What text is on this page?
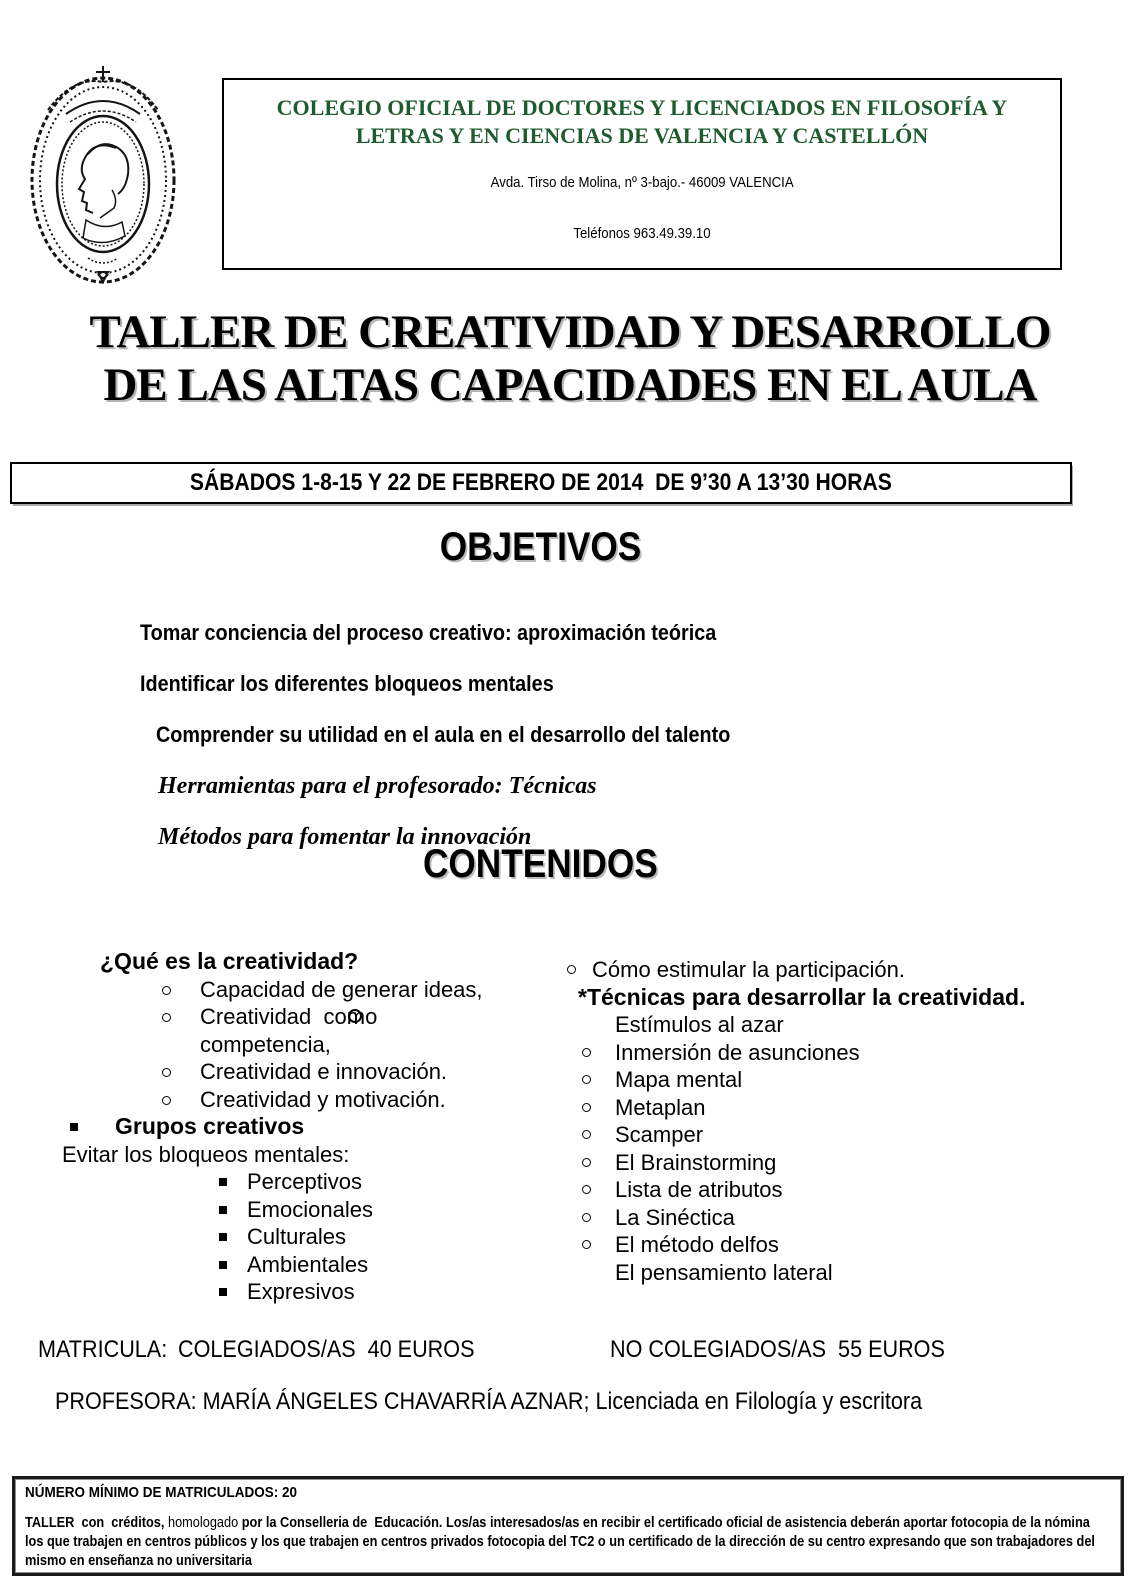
COLEGIO OFICIAL DE DOCTORES Y LICENCIADOS EN FILOSOFÍA Y
LETRAS Y EN CIENCIAS DE VALENCIA Y CASTELLÓN
Avda. Tirso de Molina, nº 3-bajo.- 46009 VALENCIA
Teléfonos 963.49.39.10
TALLER DE CREATIVIDAD Y DESARROLLO
DE LAS ALTAS CAPACIDADES EN EL AULA
SÁBADOS 1-8-15 Y 22 DE FEBRERO DE 2014  DE 9’30 A 13’30 HORAS
OBJETIVOS
Tomar conciencia del proceso creativo: aproximación teórica
Identificar los diferentes bloqueos mentales
Comprender su utilidad en el aula en el desarrollo del talento
Herramientas para el profesorado: Técnicas
Métodos para fomentar la innovación
CONTENIDOS
¿Qué es la creatividad?
Capacidad de generar ideas,
Creatividad  como
competencia,
Creatividad e innovación.
Creatividad y motivación.
Grupos creativos
Evitar los bloqueos mentales:
Perceptivos
Emocionales
Culturales
Ambientales
Expresivos
Cómo estimular la participación.
*Técnicas para desarrollar la creatividad.
Estímulos al azar
Inmersión de asunciones
Mapa mental
Metaplan
Scamper
El Brainstorming
Lista de atributos
La Sinéctica
El método delfos
El pensamiento lateral
MATRICULA: COLEGIADOS/AS  40 EUROS	NO COLEGIADOS/AS  55 EUROS
PROFESORA: MARÍA ÁNGELES CHAVARRÍA AZNAR; Licenciada en Filología y escritora
NÚMERO MÍNIMO DE MATRICULADOS: 20
TALLER  con  créditos, homologado por la Conselleria de  Educación. Los/as interesados/as en recibir el certificado oficial de asistencia deberán aportar fotocopia de la nómina los que trabajen en centros públicos y los que trabajen en centros privados fotocopia del TC2 o un certificado de la dirección de su centro expresando que son trabajadores del mismo en enseñanza no universitaria
